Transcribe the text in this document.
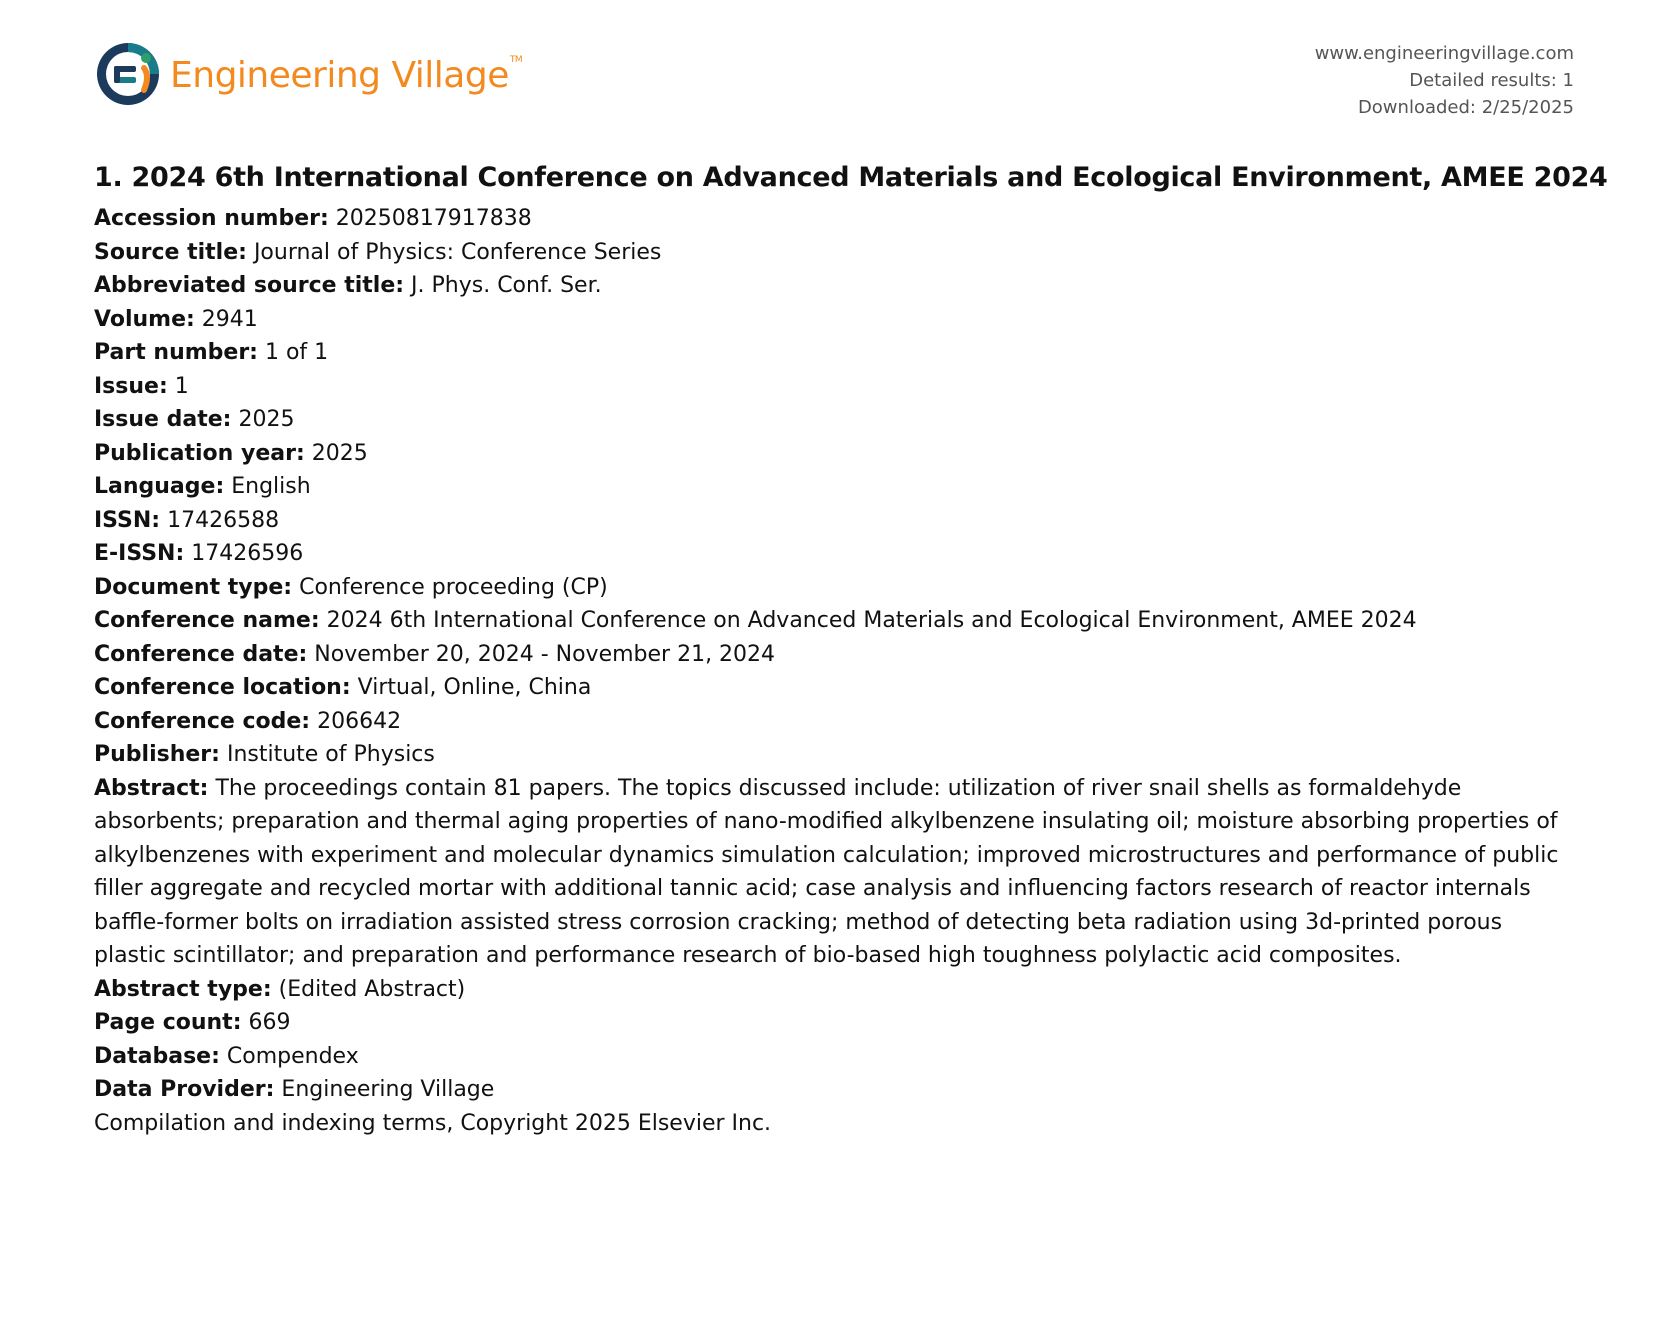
Engineering Village™	www.engineeringvillage.com
Detailed results: 1
Downloaded: 2/25/2025
1. 2024 6th International Conference on Advanced Materials and Ecological Environment, AMEE 2024
Accession number: 20250817917838
Source title: Journal of Physics: Conference Series
Abbreviated source title: J. Phys. Conf. Ser.
Volume: 2941
Part number: 1 of 1
Issue: 1
Issue date: 2025
Publication year: 2025
Language: English
ISSN: 17426588
E-ISSN: 17426596
Document type: Conference proceeding (CP)
Conference name: 2024 6th International Conference on Advanced Materials and Ecological Environment, AMEE 2024
Conference date: November 20, 2024 - November 21, 2024
Conference location: Virtual, Online, China
Conference code: 206642
Publisher: Institute of Physics
Abstract: The proceedings contain 81 papers. The topics discussed include: utilization of river snail shells as formaldehyde absorbents; preparation and thermal aging properties of nano-modified alkylbenzene insulating oil; moisture absorbing properties of alkylbenzenes with experiment and molecular dynamics simulation calculation; improved microstructures and performance of public filler aggregate and recycled mortar with additional tannic acid; case analysis and influencing factors research of reactor internals baffle-former bolts on irradiation assisted stress corrosion cracking; method of detecting beta radiation using 3d-printed porous plastic scintillator; and preparation and performance research of bio-based high toughness polylactic acid composites.
Abstract type: (Edited Abstract)
Page count: 669
Database: Compendex
Data Provider: Engineering Village
Compilation and indexing terms, Copyright 2025 Elsevier Inc.
